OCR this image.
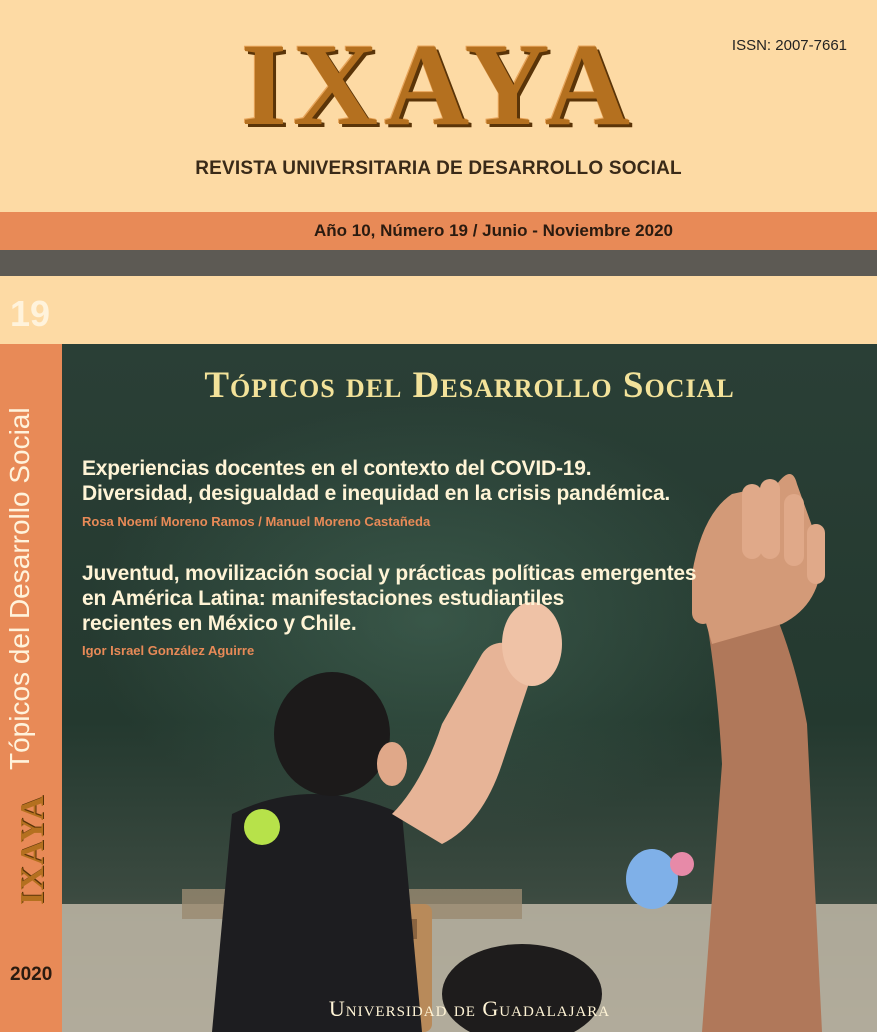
IXAYA
REVISTA UNIVERSITARIA DE DESARROLLO SOCIAL
ISSN: 2007-7661
Año 10, Número 19 / Junio - Noviembre 2020
19
Tópicos del Desarrollo Social
IXAYA
2020
Tópicos del Desarrollo Social
Experiencias docentes en el contexto del COVID-19.
Diversidad, desigualdad e inequidad en la crisis pandémica.
Rosa Noemí Moreno Ramos / Manuel Moreno Castañeda
Juventud, movilización social y prácticas políticas emergentes
en América Latina: manifestaciones estudiantiles
recientes en México y Chile.
Igor Israel González Aguirre
Universidad de Guadalajara
